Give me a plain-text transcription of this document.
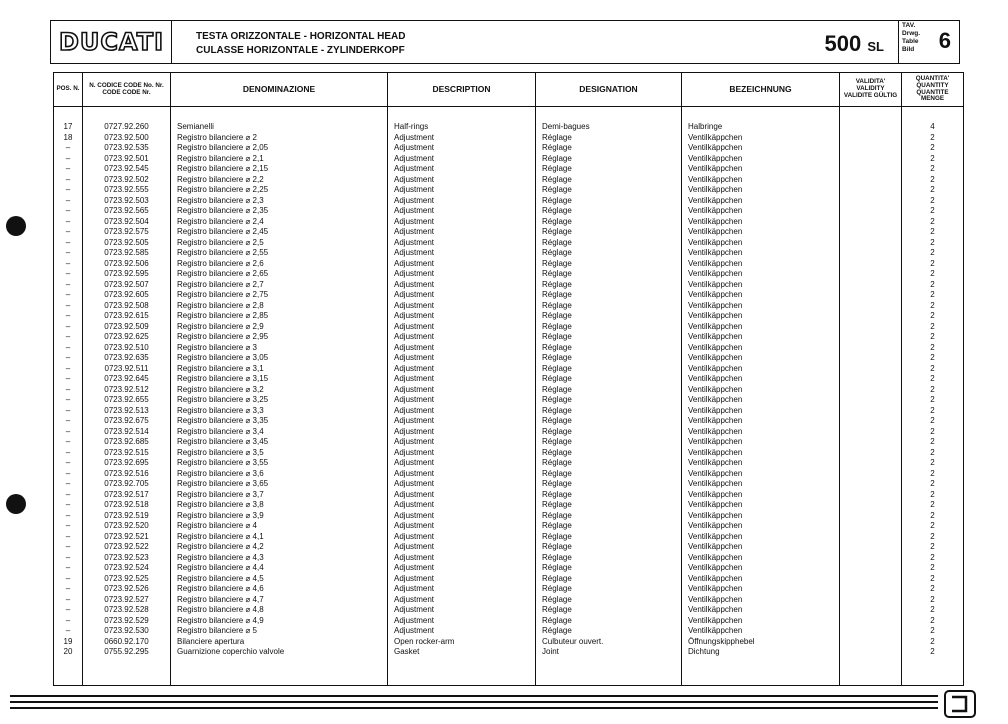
DUCATI	TESTA ORIZZONTALE - HORIZONTAL HEAD
CULASSE HORIZONTALE - ZYLINDERKOPF	500 SL
TAV.
Drwg.
Table
Bild 6
POS. N.	N. CODICE CODE No. Nr. CODE CODE Nr.	DENOMINAZIONE	DESCRIPTION	DESIGNATION	BEZEICHNUNG	VALIDITA' VALIDITY VALIDITE GÜLTIG	QUANTITA' QUANTITY QUANTITE MENGE

17	0727.92.260	Semianelli	Half-rings	Demi-bagues	Halbringe		4
18	0723.92.500	Registro bilanciere ⌀ 2	Adjustment	Réglage	Ventilkäppchen		2
–	0723.92.535	Registro bilanciere ⌀ 2,05	Adjustment	Réglage	Ventilkäppchen		2
–	0723.92.501	Registro bilanciere ⌀ 2,1	Adjustment	Réglage	Ventilkäppchen		2
–	0723.92.545	Registro bilanciere ⌀ 2,15	Adjustment	Réglage	Ventilkäppchen		2
–	0723.92.502	Registro bilanciere ⌀ 2,2	Adjustment	Réglage	Ventilkäppchen		2
–	0723.92.555	Registro bilanciere ⌀ 2,25	Adjustment	Réglage	Ventilkäppchen		2
–	0723.92.503	Registro bilanciere ⌀ 2,3	Adjustment	Réglage	Ventilkäppchen		2
–	0723.92.565	Registro bilanciere ⌀ 2,35	Adjustment	Réglage	Ventilkäppchen		2
–	0723.92.504	Registro bilanciere ⌀ 2,4	Adjustment	Réglage	Ventilkäppchen		2
–	0723.92.575	Registro bilanciere ⌀ 2,45	Adjustment	Réglage	Ventilkäppchen		2
–	0723.92.505	Registro bilanciere ⌀ 2,5	Adjustment	Réglage	Ventilkäppchen		2
–	0723.92.585	Registro bilanciere ⌀ 2,55	Adjustment	Réglage	Ventilkäppchen		2
–	0723.92.506	Registro bilanciere ⌀ 2,6	Adjustment	Réglage	Ventilkäppchen		2
–	0723.92.595	Registro bilanciere ⌀ 2,65	Adjustment	Réglage	Ventilkäppchen		2
–	0723.92.507	Registro bilanciere ⌀ 2,7	Adjustment	Réglage	Ventilkäppchen		2
–	0723.92.605	Registro bilanciere ⌀ 2,75	Adjustment	Réglage	Ventilkäppchen		2
–	0723.92.508	Registro bilanciere ⌀ 2,8	Adjustment	Réglage	Ventilkäppchen		2
–	0723.92.615	Registro bilanciere ⌀ 2,85	Adjustment	Réglage	Ventilkäppchen		2
–	0723.92.509	Registro bilanciere ⌀ 2,9	Adjustment	Réglage	Ventilkäppchen		2
–	0723.92.625	Registro bilanciere ⌀ 2,95	Adjustment	Réglage	Ventilkäppchen		2
–	0723.92.510	Registro bilanciere ⌀ 3	Adjustment	Réglage	Ventilkäppchen		2
–	0723.92.635	Registro bilanciere ⌀ 3,05	Adjustment	Réglage	Ventilkäppchen		2
–	0723.92.511	Registro bilanciere ⌀ 3,1	Adjustment	Réglage	Ventilkäppchen		2
–	0723.92.645	Registro bilanciere ⌀ 3,15	Adjustment	Réglage	Ventilkäppchen		2
–	0723.92.512	Registro bilanciere ⌀ 3,2	Adjustment	Réglage	Ventilkäppchen		2
–	0723.92.655	Registro bilanciere ⌀ 3,25	Adjustment	Réglage	Ventilkäppchen		2
–	0723.92.513	Registro bilanciere ⌀ 3,3	Adjustment	Réglage	Ventilkäppchen		2
–	0723.92.675	Registro bilanciere ⌀ 3,35	Adjustment	Réglage	Ventilkäppchen		2
–	0723.92.514	Registro bilanciere ⌀ 3,4	Adjustment	Réglage	Ventilkäppchen		2
–	0723.92.685	Registro bilanciere ⌀ 3,45	Adjustment	Réglage	Ventilkäppchen		2
–	0723.92.515	Registro bilanciere ⌀ 3,5	Adjustment	Réglage	Ventilkäppchen		2
–	0723.92.695	Registro bilanciere ⌀ 3,55	Adjustment	Réglage	Ventilkäppchen		2
–	0723.92.516	Registro bilanciere ⌀ 3,6	Adjustment	Réglage	Ventilkäppchen		2
–	0723.92.705	Registro bilanciere ⌀ 3,65	Adjustment	Réglage	Ventilkäppchen		2
–	0723.92.517	Registro bilanciere ⌀ 3,7	Adjustment	Réglage	Ventilkäppchen		2
–	0723.92.518	Registro bilanciere ⌀ 3,8	Adjustment	Réglage	Ventilkäppchen		2
–	0723.92.519	Registro bilanciere ⌀ 3,9	Adjustment	Réglage	Ventilkäppchen		2
–	0723.92.520	Registro bilanciere ⌀ 4	Adjustment	Réglage	Ventilkäppchen		2
–	0723.92.521	Registro bilanciere ⌀ 4,1	Adjustment	Réglage	Ventilkäppchen		2
–	0723.92.522	Registro bilanciere ⌀ 4,2	Adjustment	Réglage	Ventilkäppchen		2
–	0723.92.523	Registro bilanciere ⌀ 4,3	Adjustment	Réglage	Ventilkäppchen		2
–	0723.92.524	Registro bilanciere ⌀ 4,4	Adjustment	Réglage	Ventilkäppchen		2
–	0723.92.525	Registro bilanciere ⌀ 4,5	Adjustment	Réglage	Ventilkäppchen		2
–	0723.92.526	Registro bilanciere ⌀ 4,6	Adjustment	Réglage	Ventilkäppchen		2
–	0723.92.527	Registro bilanciere ⌀ 4,7	Adjustment	Réglage	Ventilkäppchen		2
–	0723.92.528	Registro bilanciere ⌀ 4,8	Adjustment	Réglage	Ventilkäppchen		2
–	0723.92.529	Registro bilanciere ⌀ 4,9	Adjustment	Réglage	Ventilkäppchen		2
–	0723.92.530	Registro bilanciere ⌀ 5	Adjustment	Réglage	Ventilkäppchen		2
19	0660.92.170	Bilanciere apertura	Open rocker-arm	Culbuteur ouvert.	Öffnungskipphebel		2
20	0755.92.295	Guarnizione coperchio valvole	Gasket	Joint	Dichtung		2
